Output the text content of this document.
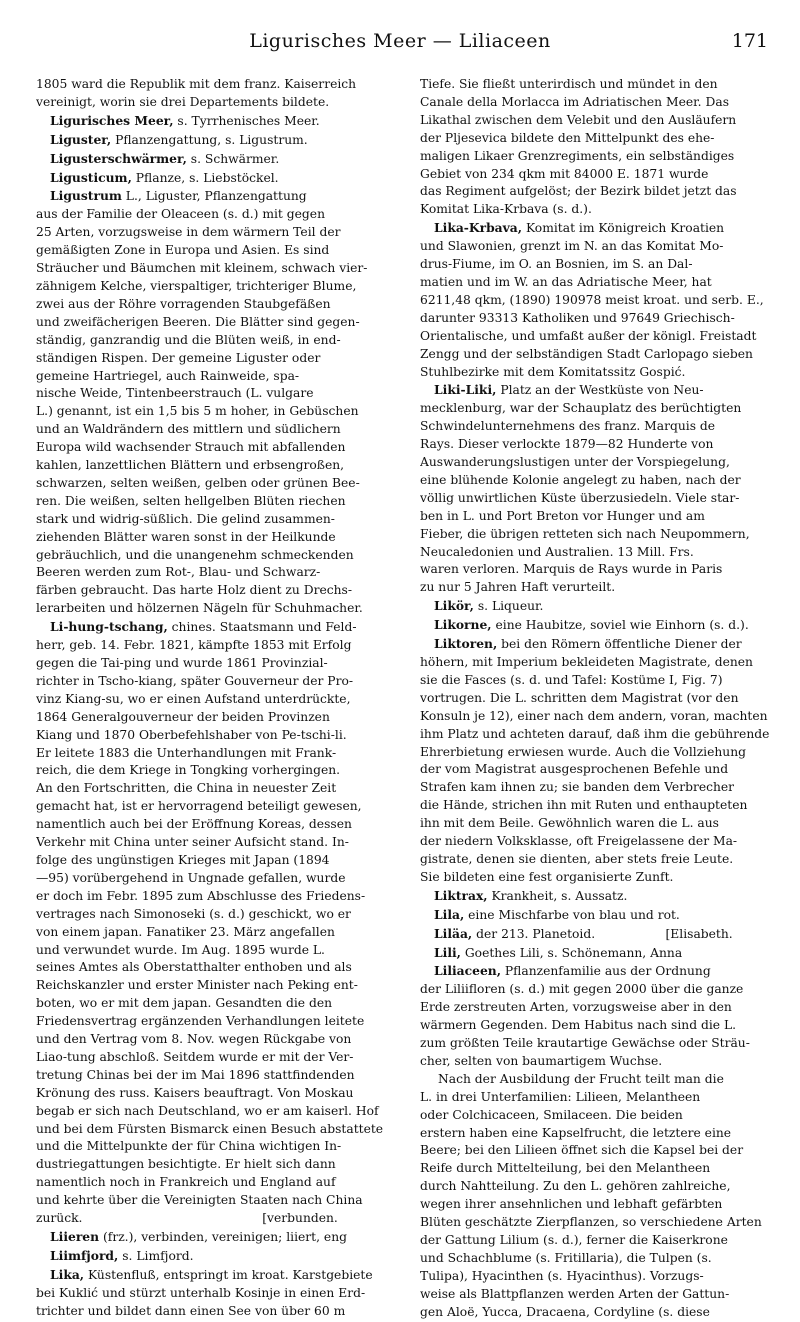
Ligurisches Meer — Liliaceen	171
1805 ward die Republik mit dem franz. Kaiserreich
vereinigt, worin sie drei Departements bildete.
Ligurisches Meer, s. Tyrrhenisches Meer.
Liguster, Pflanzengattung, s. Ligustrum.
Ligusterschwärmer, s. Schwärmer.
Ligusticum, Pflanze, s. Liebstöckel.
Ligustrum L., Liguster, Pflanzengattung
aus der Familie der Oleaceen (s. d.) mit gegen
25 Arten, vorzugsweise in dem wärmern Teil der
gemäßigten Zone in Europa und Asien. Es sind
Sträucher und Bäumchen mit kleinem, schwach vier-
zähnigem Kelche, vierspaltiger, trichteriger Blume,
zwei aus der Röhre vorragenden Staubgefäßen
und zweifächerigen Beeren. Die Blätter sind gegen-
ständig, ganzrandig und die Blüten weiß, in end-
ständigen Rispen. Der gemeine Liguster oder
gemeine Hartriegel, auch Rainweide, spa-
nische Weide, Tintenbeerstrauch (L. vulgare
L.) genannt, ist ein 1,5 bis 5 m hoher, in Gebüschen
und an Waldrändern des mittlern und südlichern
Europa wild wachsender Strauch mit abfallenden
kahlen, lanzettlichen Blättern und erbsengroßen,
schwarzen, selten weißen, gelben oder grünen Bee-
ren. Die weißen, selten hellgelben Blüten riechen
stark und widrig-süßlich. Die gelind zusammen-
ziehenden Blätter waren sonst in der Heilkunde
gebräuchlich, und die unangenehm schmeckenden
Beeren werden zum Rot-, Blau- und Schwarz-
färben gebraucht. Das harte Holz dient zu Drechs-
lerarbeiten und hölzernen Nägeln für Schuhmacher.
Li-hung-tschang, chines. Staatsmann und Feld-
herr, geb. 14. Febr. 1821, kämpfte 1853 mit Erfolg
gegen die Tai-ping und wurde 1861 Provinzial-
richter in Tscho-kiang, später Gouverneur der Pro-
vinz Kiang-su, wo er einen Aufstand unterdrückte,
1864 Generalgouverneur der beiden Provinzen
Kiang und 1870 Oberbefehlshaber von Pe-tschi-li.
Er leitete 1883 die Unterhandlungen mit Frank-
reich, die dem Kriege in Tongking vorhergingen.
An den Fortschritten, die China in neuester Zeit
gemacht hat, ist er hervorragend beteiligt gewesen,
namentlich auch bei der Eröffnung Koreas, dessen
Verkehr mit China unter seiner Aufsicht stand. In-
folge des ungünstigen Krieges mit Japan (1894
—95) vorübergehend in Ungnade gefallen, wurde
er doch im Febr. 1895 zum Abschlusse des Friedens-
vertrages nach Simonoseki (s. d.) geschickt, wo er
von einem japan. Fanatiker 23. März angefallen
und verwundet wurde. Im Aug. 1895 wurde L.
seines Amtes als Oberstatthalter enthoben und als
Reichskanzler und erster Minister nach Peking ent-
boten, wo er mit dem japan. Gesandten die den
Friedensvertrag ergänzenden Verhandlungen leitete
und den Vertrag vom 8. Nov. wegen Rückgabe von
Liao-tung abschloß. Seitdem wurde er mit der Ver-
tretung Chinas bei der im Mai 1896 stattfindenden
Krönung des russ. Kaisers beauftragt. Von Moskau
begab er sich nach Deutschland, wo er am kaiserl. Hof
und bei dem Fürsten Bismarck einen Besuch abstattete
und die Mittelpunkte der für China wichtigen In-
dustriegattungen besichtigte. Er hielt sich dann
namentlich noch in Frankreich und England auf
und kehrte über die Vereinigten Staaten nach China
zurück.                                              [verbunden.
Liieren (frz.), verbinden, vereinigen; liiert, eng
Liimfjord, s. Limfjord.
Lika, Küstenfluß, entspringt im kroat. Karstgebiete
bei Kuklić und stürzt unterhalb Kosinje in einen Erd-
trichter und bildet dann einen See von über 60 m
Tiefe. Sie fließt unterirdisch und mündet in den
Canale della Morlacca im Adriatischen Meer. Das
Likathal zwischen dem Velebit und den Ausläufern
der Pljesevica bildete den Mittelpunkt des ehe-
maligen Likaer Grenzregiments, ein selbständiges
Gebiet von 234 qkm mit 84000 E. 1871 wurde
das Regiment aufgelöst; der Bezirk bildet jetzt das
Komitat Lika-Krbava (s. d.).
Lika-Krbava, Komitat im Königreich Kroatien
und Slawonien, grenzt im N. an das Komitat Mo-
drus-Fiume, im O. an Bosnien, im S. an Dal-
matien und im W. an das Adriatische Meer, hat
6211,48 qkm, (1890) 190978 meist kroat. und serb. E.,
darunter 93313 Katholiken und 97649 Griechisch-
Orientalische, und umfaßt außer der königl. Freistadt
Zengg und der selbständigen Stadt Carlopago sieben
Stuhlbezirke mit dem Komitatssitz Gospić.
Liki-Liki, Platz an der Westküste von Neu-
mecklenburg, war der Schauplatz des berüchtigten
Schwindelunternehmens des franz. Marquis de
Rays. Dieser verlockte 1879—82 Hunderte von
Auswanderungslustigen unter der Vorspiegelung,
eine blühende Kolonie angelegt zu haben, nach der
völlig unwirtlichen Küste überzusiedeln. Viele star-
ben in L. und Port Breton vor Hunger und am
Fieber, die übrigen retteten sich nach Neupommern,
Neucaledonien und Australien. 13 Mill. Frs.
waren verloren. Marquis de Rays wurde in Paris
zu nur 5 Jahren Haft verurteilt.
Likör, s. Liqueur.
Likorne, eine Haubitze, soviel wie Einhorn (s. d.).
Liktoren, bei den Römern öffentliche Diener der
höhern, mit Imperium bekleideten Magistrate, denen
sie die Fasces (s. d. und Tafel: Kostüme I, Fig. 7)
vortrugen. Die L. schritten dem Magistrat (vor den
Konsuln je 12), einer nach dem andern, voran, machten
ihm Platz und achteten darauf, daß ihm die gebührende
Ehrerbietung erwiesen wurde. Auch die Vollziehung
der vom Magistrat ausgesprochenen Befehle und
Strafen kam ihnen zu; sie banden dem Verbrecher
die Hände, strichen ihn mit Ruten und enthaupteten
ihn mit dem Beile. Gewöhnlich waren die L. aus
der niedern Volksklasse, oft Freigelassene der Ma-
gistrate, denen sie dienten, aber stets freie Leute.
Sie bildeten eine fest organisierte Zunft.
Liktrax, Krankheit, s. Aussatz.
Lila, eine Mischfarbe von blau und rot.
Liläa, der 213. Planetoid.                  [Elisabeth.
Lili, Goethes Lili, s. Schönemann, Anna
Liliaceen, Pflanzenfamilie aus der Ordnung
der Liliifloren (s. d.) mit gegen 2000 über die ganze
Erde zerstreuten Arten, vorzugsweise aber in den
wärmern Gegenden. Dem Habitus nach sind die L.
zum größten Teile krautartige Gewächse oder Sträu-
cher, selten von baumartigem Wuchse.
Nach der Ausbildung der Frucht teilt man die
L. in drei Unterfamilien: Lilieen, Melantheen
oder Colchicaceen, Smilaceen. Die beiden
erstern haben eine Kapselfrucht, die letztere eine
Beere; bei den Lilieen öffnet sich die Kapsel bei der
Reife durch Mittelteilung, bei den Melantheen
durch Nahtteilung. Zu den L. gehören zahlreiche,
wegen ihrer ansehnlichen und lebhaft gefärbten
Blüten geschätzte Zierpflanzen, so verschiedene Arten
der Gattung Lilium (s. d.), ferner die Kaiserkrone
und Schachblume (s. Fritillaria), die Tulpen (s.
Tulipa), Hyacinthen (s. Hyacinthus). Vorzugs-
weise als Blattpflanzen werden Arten der Gattun-
gen Aloë, Yucca, Dracaena, Cordyline (s. diese
